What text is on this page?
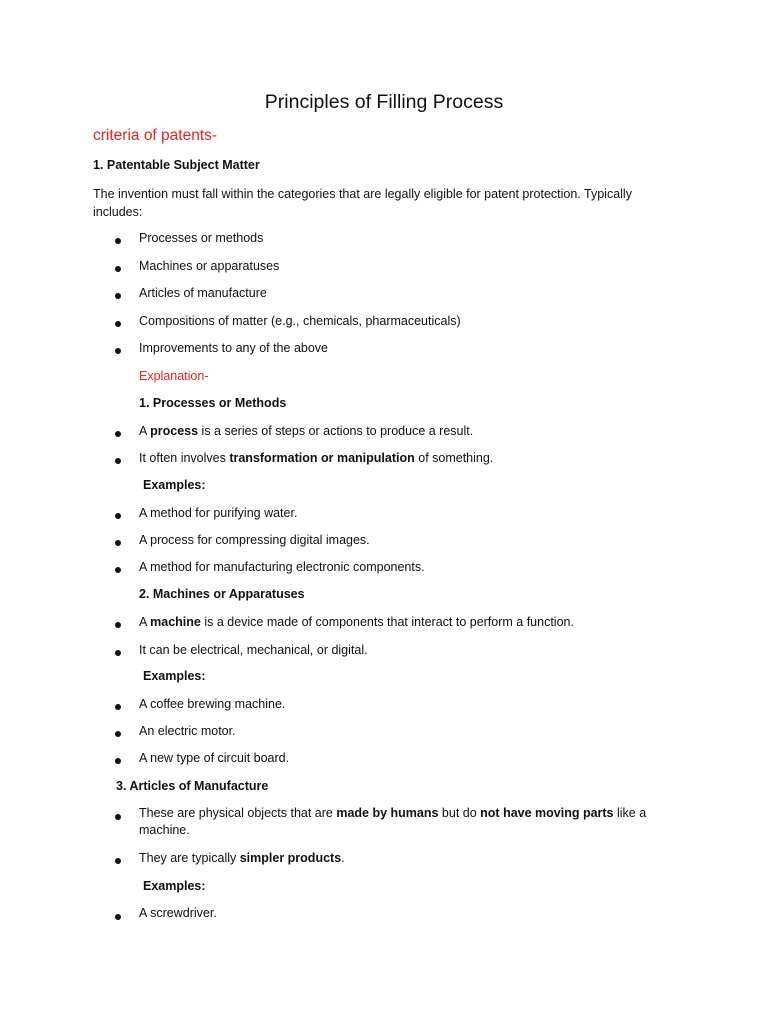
Principles of Filling Process
criteria of patents-
1. Patentable Subject Matter
The invention must fall within the categories that are legally eligible for patent protection. Typically includes:
Processes or methods
Machines or apparatuses
Articles of manufacture
Compositions of matter (e.g., chemicals, pharmaceuticals)
Improvements to any of the above
Explanation-
1. Processes or Methods
A process is a series of steps or actions to produce a result.
It often involves transformation or manipulation of something.
Examples:
A method for purifying water.
A process for compressing digital images.
A method for manufacturing electronic components.
2. Machines or Apparatuses
A machine is a device made of components that interact to perform a function.
It can be electrical, mechanical, or digital.
Examples:
A coffee brewing machine.
An electric motor.
A new type of circuit board.
3. Articles of Manufacture
These are physical objects that are made by humans but do not have moving parts like a machine.
They are typically simpler products.
Examples:
A screwdriver.
